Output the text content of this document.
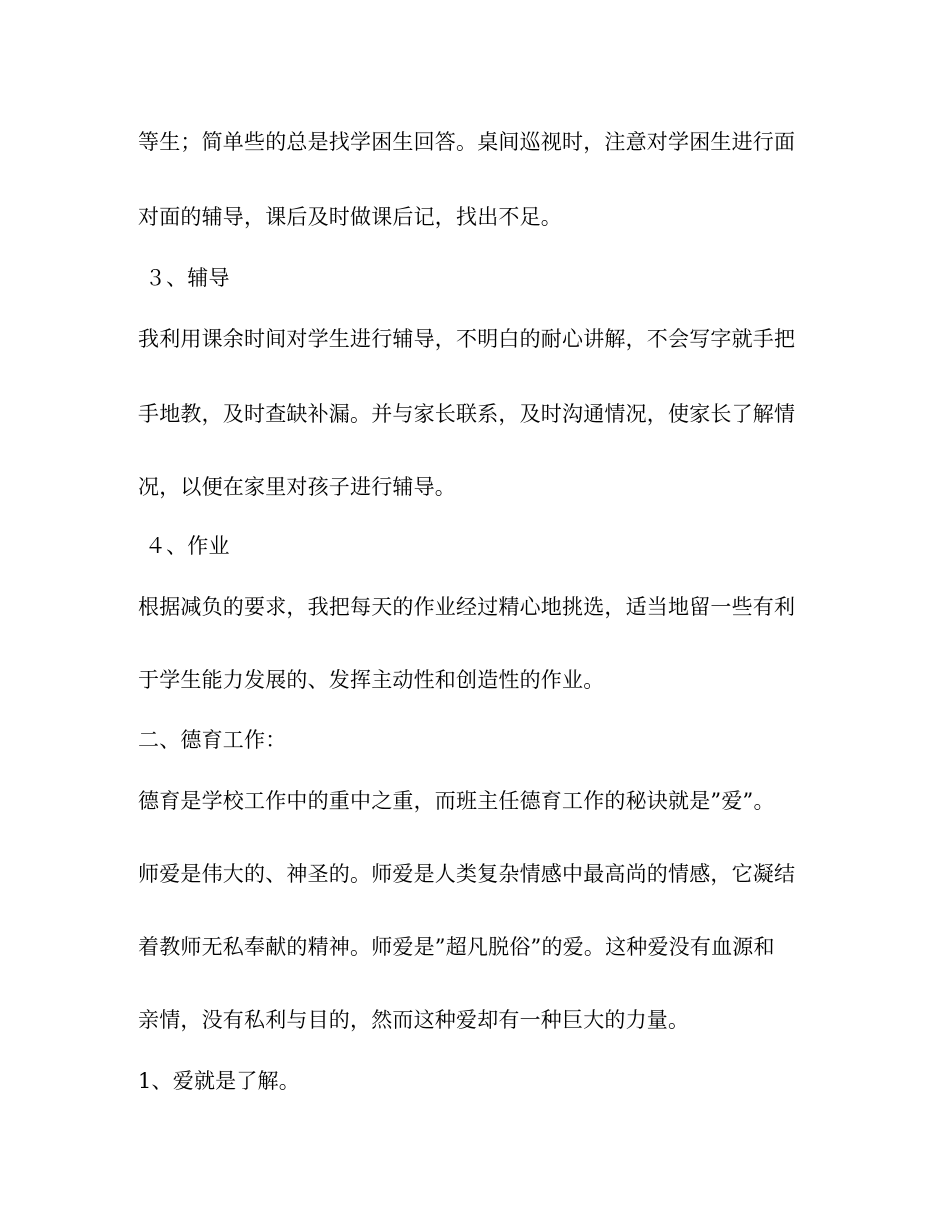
等生；简单些的总是找学困生回答。桌间巡视时，注意对学困生进行面
对面的辅导，课后及时做课后记，找出不足。
３、辅导
我利用课余时间对学生进行辅导，不明白的耐心讲解，不会写字就手把
手地教，及时查缺补漏。并与家长联系，及时沟通情况，使家长了解情
况，以便在家里对孩子进行辅导。
４、作业
根据减负的要求，我把每天的作业经过精心地挑选，适当地留一些有利
于学生能力发展的、发挥主动性和创造性的作业。
二、德育工作：
德育是学校工作中的重中之重，而班主任德育工作的秘诀就是”爱”。
师爱是伟大的、神圣的。师爱是人类复杂情感中最高尚的情感，它凝结
着教师无私奉献的精神。师爱是”超凡脱俗”的爱。这种爱没有血源和
亲情，没有私利与目的，然而这种爱却有一种巨大的力量。
1、爱就是了解。
